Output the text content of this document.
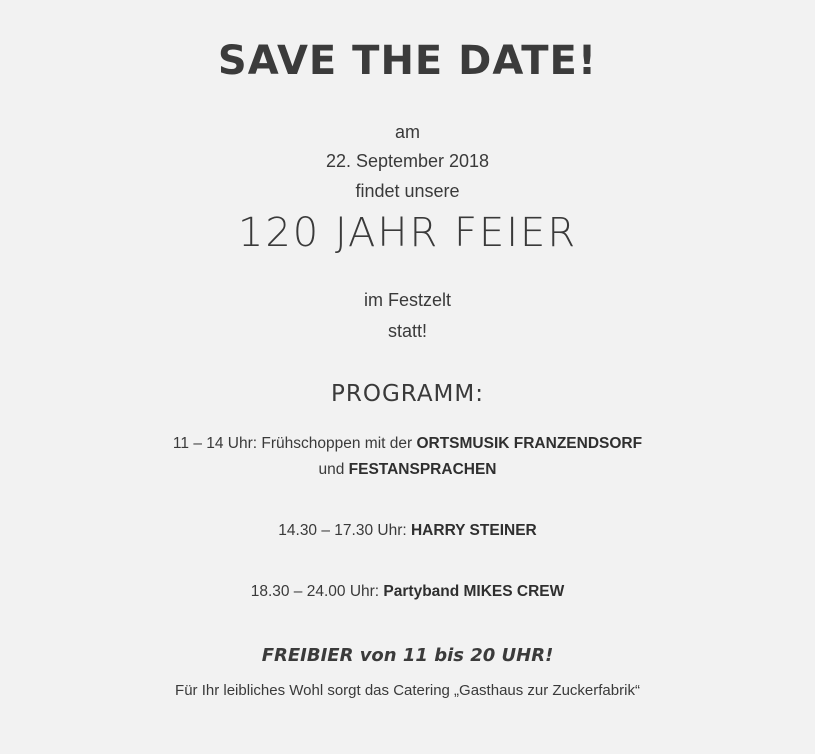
SAVE THE DATE!
am
22. September 2018
findet unsere
120 JAHR FEIER
im Festzelt
statt!
PROGRAMM:
11 – 14 Uhr: Frühschoppen mit der ORTSMUSIK FRANZENDSORF
und FESTANSPRACHEN
14.30 – 17.30 Uhr: HARRY STEINER
18.30 – 24.00 Uhr: Partyband MIKES CREW
FREIBIER von 11 bis 20 UHR!
Für Ihr leibliches Wohl sorgt das Catering „Gasthaus zur Zuckerfabrik“
